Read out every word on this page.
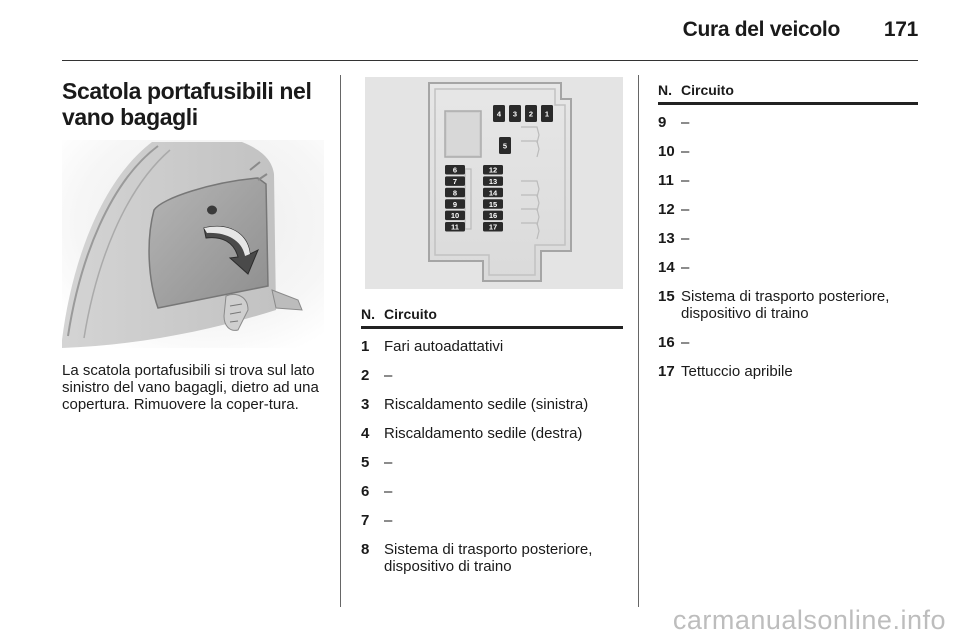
Cura del veicolo 171
Scatola portafusibili nel vano bagagli
La scatola portafusibili si trova sul lato sinistro del vano bagagli, dietro ad una copertura. Rimuovere la coper-tura.
4 3 2 1
5
6
7
8
9
10
11
12
13
14
15
16
17
N. Circuito
1 Fari autoadattativi
2 –
3 Riscaldamento sedile (sinistra)
4 Riscaldamento sedile (destra)
5 –
6 –
7 –
8 Sistema di trasporto posteriore, dispositivo di traino
N. Circuito
9 –
10 –
11 –
12 –
13 –
14 –
15 Sistema di trasporto posteriore, dispositivo di traino
16 –
17 Tettuccio apribile
carmanualsonline.info
